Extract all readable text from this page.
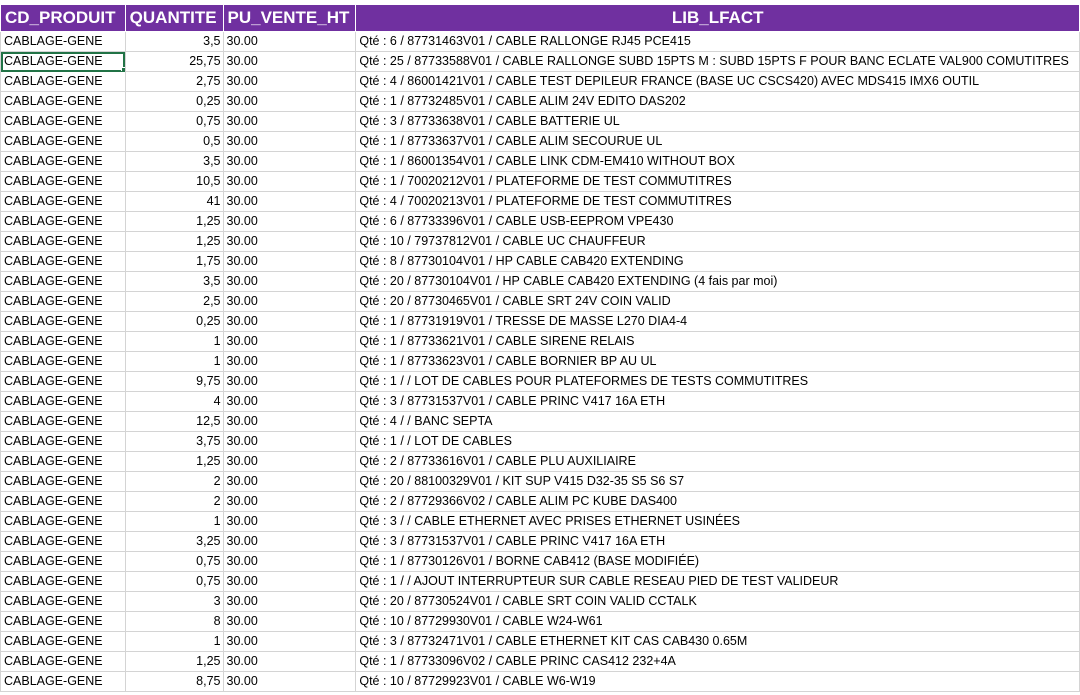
CD_PRODUIT	QUANTITE	PU_VENTE_HT	LIB_LFACT
CABLAGE-GENE	3,5	30.00	Qté : 6 / 87731463V01 / CABLE RALLONGE RJ45 PCE415
CABLAGE-GENE	25,75	30.00	Qté : 25 / 87733588V01 / CABLE RALLONGE SUBD 15PTS M : SUBD 15PTS F POUR BANC ECLATE VAL900 COMUTITRES
CABLAGE-GENE	2,75	30.00	Qté : 4 / 86001421V01 / CABLE TEST DEPILEUR FRANCE (BASE UC CSCS420) AVEC MDS415 IMX6 OUTIL
CABLAGE-GENE	0,25	30.00	Qté : 1 / 87732485V01 / CABLE ALIM 24V EDITO DAS202
CABLAGE-GENE	0,75	30.00	Qté : 3 / 87733638V01 / CABLE BATTERIE UL
CABLAGE-GENE	0,5	30.00	Qté : 1 / 87733637V01 / CABLE ALIM SECOURUE UL
CABLAGE-GENE	3,5	30.00	Qté : 1 / 86001354V01 / CABLE LINK CDM-EM410 WITHOUT BOX
CABLAGE-GENE	10,5	30.00	Qté : 1 / 70020212V01 / PLATEFORME DE TEST COMMUTITRES
CABLAGE-GENE	41	30.00	Qté : 4 / 70020213V01 / PLATEFORME DE TEST COMMUTITRES
CABLAGE-GENE	1,25	30.00	Qté : 6 / 87733396V01 / CABLE USB-EEPROM VPE430
CABLAGE-GENE	1,25	30.00	Qté : 10 / 79737812V01 / CABLE UC CHAUFFEUR
CABLAGE-GENE	1,75	30.00	Qté : 8 / 87730104V01 / HP CABLE CAB420 EXTENDING
CABLAGE-GENE	3,5	30.00	Qté : 20 / 87730104V01 / HP CABLE CAB420 EXTENDING (4 fais par moi)
CABLAGE-GENE	2,5	30.00	Qté : 20 / 87730465V01 / CABLE SRT 24V COIN VALID
CABLAGE-GENE	0,25	30.00	Qté : 1 / 87731919V01 / TRESSE DE MASSE L270 DIA4-4
CABLAGE-GENE	1	30.00	Qté : 1 / 87733621V01 / CABLE SIRENE RELAIS
CABLAGE-GENE	1	30.00	Qté : 1 / 87733623V01 / CABLE BORNIER BP AU UL
CABLAGE-GENE	9,75	30.00	Qté : 1 / / LOT DE CABLES POUR PLATEFORMES DE TESTS COMMUTITRES
CABLAGE-GENE	4	30.00	Qté : 3 / 87731537V01 / CABLE PRINC V417 16A ETH
CABLAGE-GENE	12,5	30.00	Qté : 4 / / BANC SEPTA
CABLAGE-GENE	3,75	30.00	Qté : 1 / / LOT DE CABLES
CABLAGE-GENE	1,25	30.00	Qté : 2 / 87733616V01 / CABLE PLU AUXILIAIRE
CABLAGE-GENE	2	30.00	Qté : 20 / 88100329V01 / KIT SUP V415 D32-35 S5 S6 S7
CABLAGE-GENE	2	30.00	Qté : 2 / 87729366V02 / CABLE ALIM PC KUBE DAS400
CABLAGE-GENE	1	30.00	Qté : 3 / / CABLE ETHERNET AVEC PRISES ETHERNET USINÉES
CABLAGE-GENE	3,25	30.00	Qté : 3 / 87731537V01 / CABLE PRINC V417 16A ETH
CABLAGE-GENE	0,75	30.00	Qté : 1 / 87730126V01 / BORNE CAB412 (BASE MODIFIÉE)
CABLAGE-GENE	0,75	30.00	Qté : 1 / / AJOUT INTERRUPTEUR SUR CABLE RESEAU PIED DE TEST VALIDEUR
CABLAGE-GENE	3	30.00	Qté : 20 / 87730524V01 / CABLE SRT COIN VALID CCTALK
CABLAGE-GENE	8	30.00	Qté : 10 / 87729930V01 / CABLE W24-W61
CABLAGE-GENE	1	30.00	Qté : 3 / 87732471V01 / CABLE ETHERNET KIT CAS CAB430 0.65M
CABLAGE-GENE	1,25	30.00	Qté : 1 / 87733096V02 / CABLE PRINC CAS412 232+4A
CABLAGE-GENE	8,75	30.00	Qté : 10 / 87729923V01 / CABLE W6-W19
